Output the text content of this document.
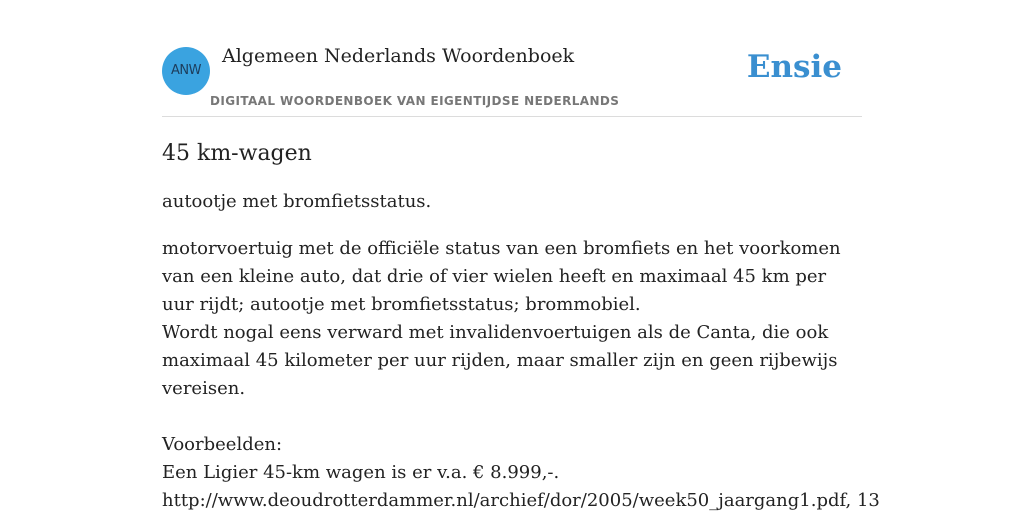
ANW
Algemeen Nederlands Woordenboek
DIGITAAL WOORDENBOEK VAN EIGENTIJDSE NEDERLANDS
Ensie
45 km-wagen

autootje met bromfietsstatus.

motorvoertuig met de officiële status van een bromfiets en het voorkomen van een kleine auto, dat drie of vier wielen heeft en maximaal 45 km per uur rijdt; autootje met bromfietsstatus; brommobiel.
Wordt nogal eens verward met invalidenvoertuigen als de Canta, die ook maximaal 45 kilometer per uur rijden, maar smaller zijn en geen rijbewijs vereisen.
Voorbeelden:
Een Ligier 45-km wagen is er v.a. € 8.999,-.
http://www.deoudrotterdammer.nl/archief/dor/2005/week50_jaargang1.pdf, 13
